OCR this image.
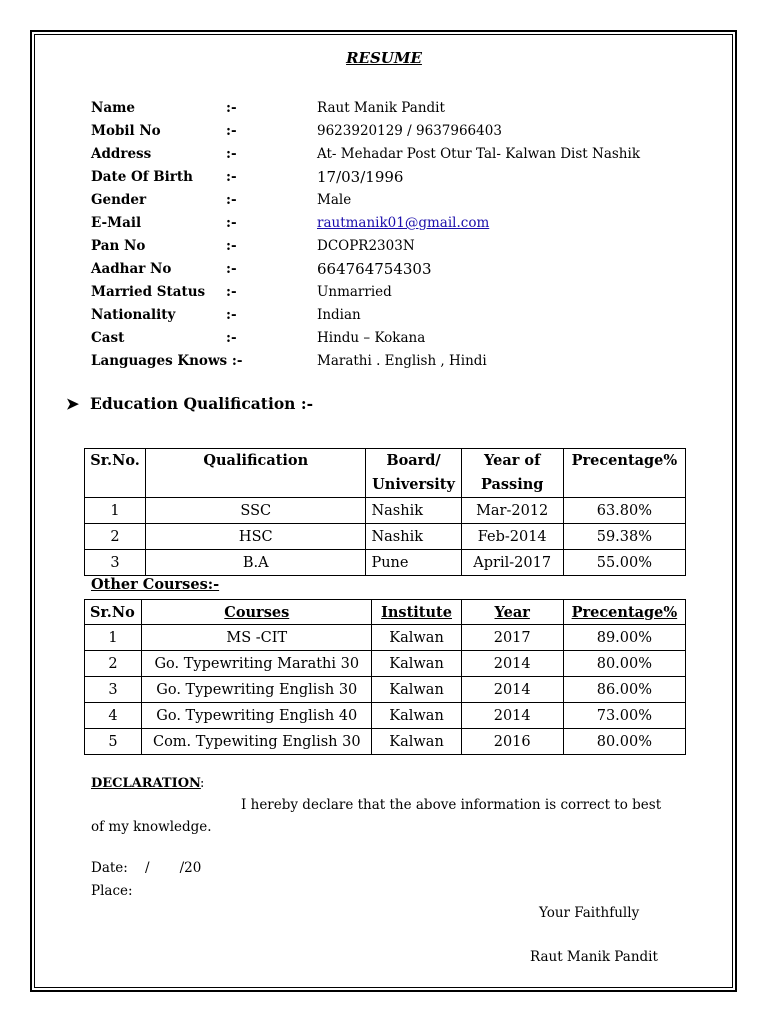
RESUME
Name	:-	Raut Manik Pandit
Mobil No	:-	9623920129 / 9637966403
Address	:-	At- Mehadar Post Otur Tal- Kalwan Dist Nashik
Date Of Birth :-	17/03/1996
Gender	:-	Male
E-Mail	:-	rautmanik01@gmail.com
Pan No	:-	DCOPR2303N
Aadhar No	:-	664764754303
Married Status :-	Unmarried
Nationality	:-	Indian
Cast	:-	Hindu – Kokana
Languages Knows :-	Marathi . English , Hindi
➤ Education Qualification :-
Sr.No.	Qualification	Board/ University	Year of Passing	Precentage%
1	SSC	Nashik	Mar-2012	63.80%
2	HSC	Nashik	Feb-2014	59.38%
3	B.A	Pune	April-2017	55.00%
Other Courses:-
Sr.No	Courses	Institute	Year	Precentage%
1	MS -CIT	Kalwan	2017	89.00%
2	Go. Typewriting Marathi 30	Kalwan	2014	80.00%
3	Go. Typewriting English 30	Kalwan	2014	86.00%
4	Go. Typewriting English 40	Kalwan	2014	73.00%
5	Com. Typewiting English 30	Kalwan	2016	80.00%
DECLARATION :
I hereby declare that the above information is correct to best
of my knowledge.
Date:    /       /20
Place:
Your Faithfully
Raut Manik Pandit
